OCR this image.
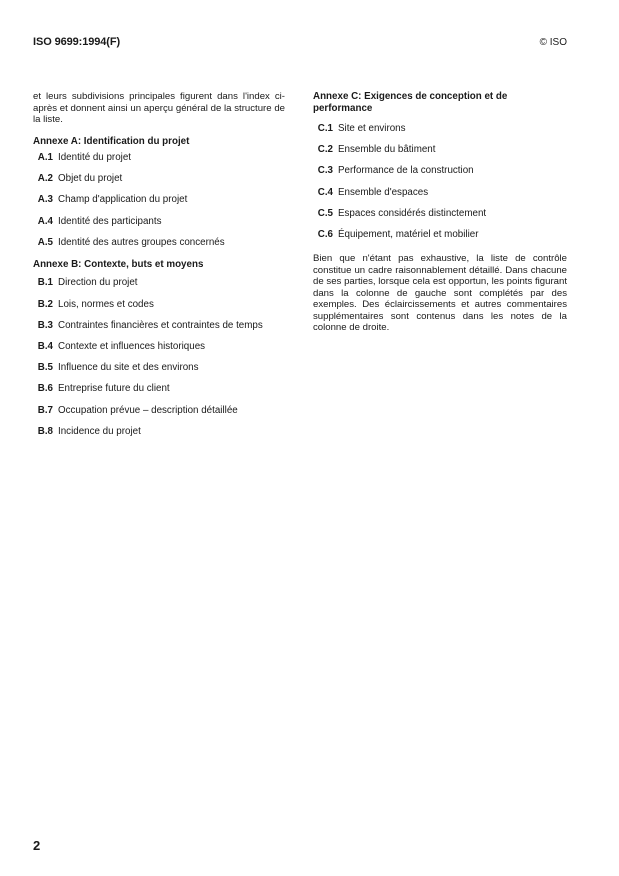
ISO 9699:1994(F)	© ISO

et leurs subdivisions principales figurent dans l'index ci-après et donnent ainsi un aperçu général de la structure de la liste.

Annexe A: Identification du projet

A.1 Identité du projet
A.2 Objet du projet
A.3 Champ d'application du projet
A.4 Identité des participants
A.5 Identité des autres groupes concernés

Annexe B: Contexte, buts et moyens

B.1 Direction du projet
B.2 Lois, normes et codes
B.3 Contraintes financières et contraintes de temps
B.4 Contexte et influences historiques
B.5 Influence du site et des environs
B.6 Entreprise future du client
B.7 Occupation prévue – description détaillée
B.8 Incidence du projet

Annexe C: Exigences de conception et de performance

C.1 Site et environs
C.2 Ensemble du bâtiment
C.3 Performance de la construction
C.4 Ensemble d'espaces
C.5 Espaces considérés distinctement
C.6 Équipement, matériel et mobilier

Bien que n'étant pas exhaustive, la liste de contrôle constitue un cadre raisonnablement détaillé. Dans chacune de ses parties, lorsque cela est opportun, les points figurant dans la colonne de gauche sont complétés par des exemples. Des éclaircissements et autres commentaires supplémentaires sont contenus dans les notes de la colonne de droite.

2
